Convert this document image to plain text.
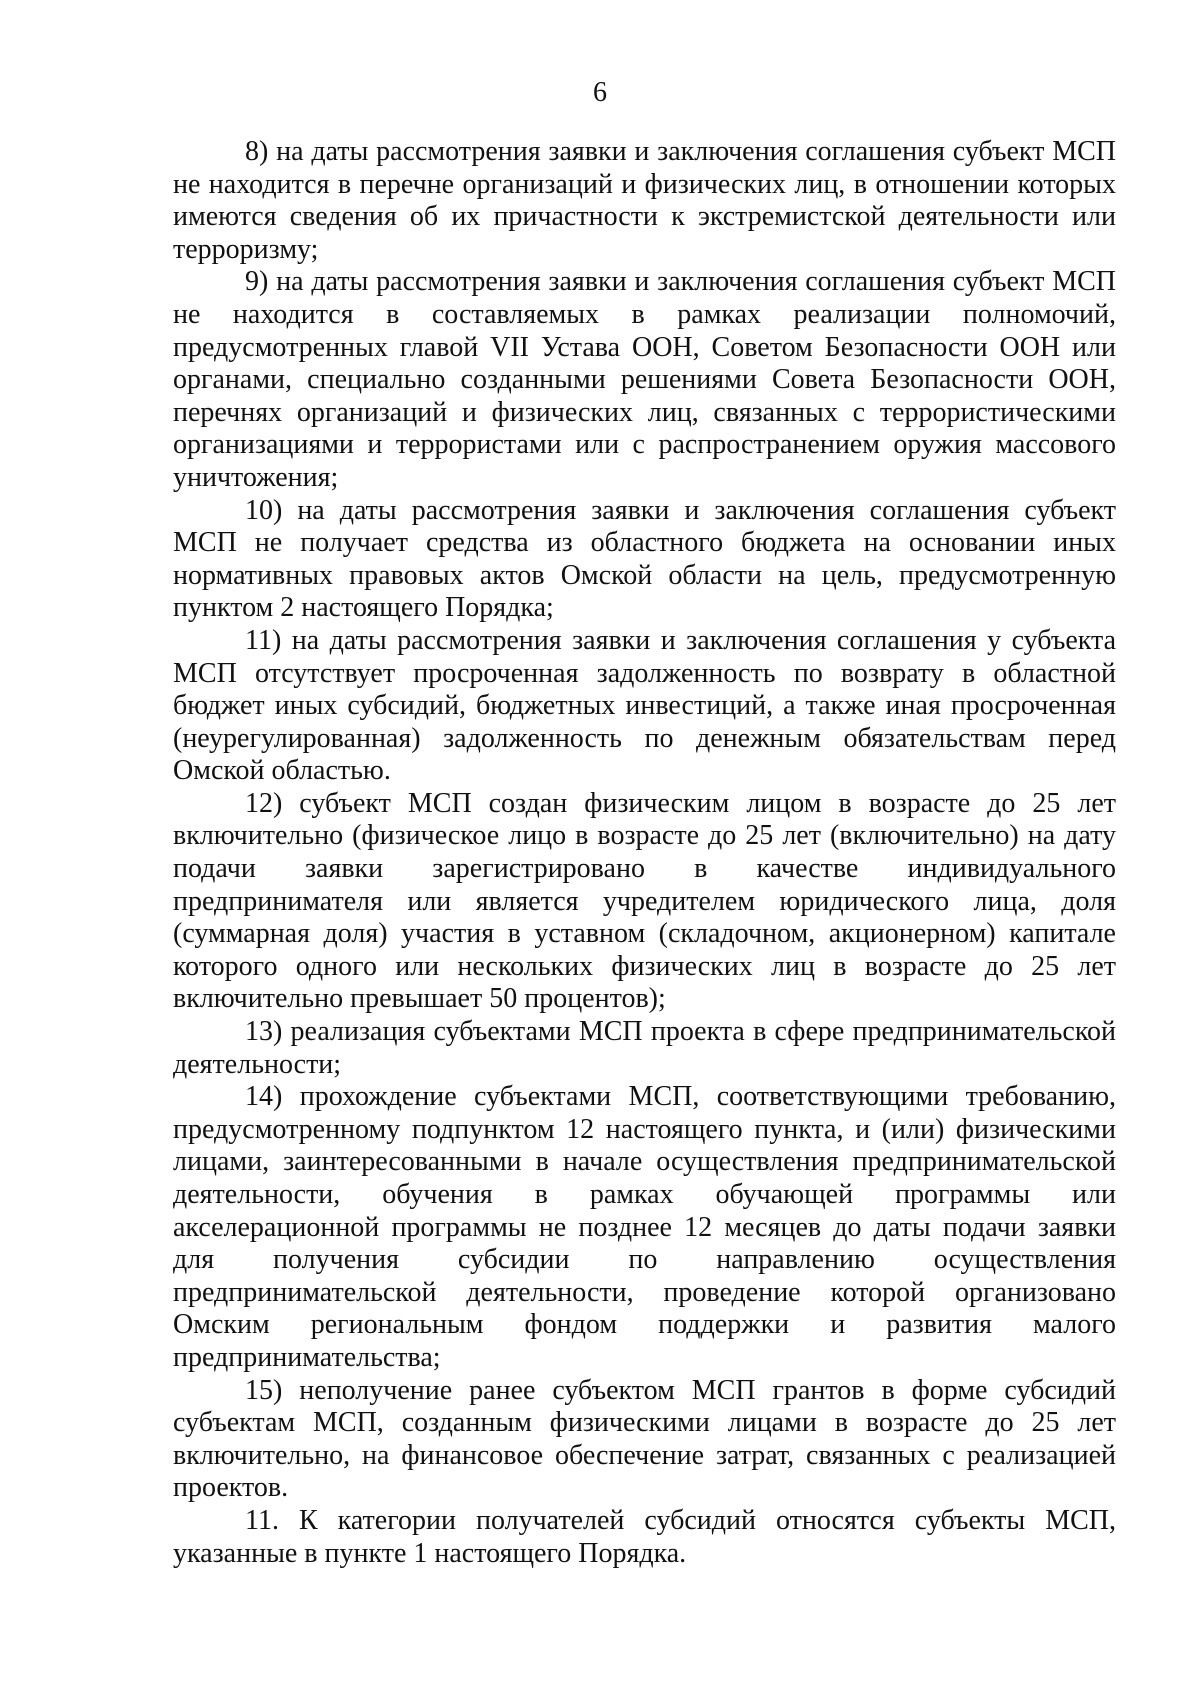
6

8) на даты рассмотрения заявки и заключения соглашения субъект МСП не находится в перечне организаций и физических лиц, в отношении которых имеются сведения об их причастности к экстремистской деятельности или терроризму;

9) на даты рассмотрения заявки и заключения соглашения субъект МСП не находится в составляемых в рамках реализации полномочий, предусмотренных главой VII Устава ООН, Советом Безопасности ООН или органами, специально созданными решениями Совета Безопасности ООН, перечнях организаций и физических лиц, связанных с террористическими организациями и террористами или с распространением оружия массового уничтожения;

10) на даты рассмотрения заявки и заключения соглашения субъект МСП не получает средства из областного бюджета на основании иных нормативных правовых актов Омской области на цель, предусмотренную пунктом 2 настоящего Порядка;

11) на даты рассмотрения заявки и заключения соглашения у субъекта МСП отсутствует просроченная задолженность по возврату в областной бюджет иных субсидий, бюджетных инвестиций, а также иная просроченная (неурегулированная) задолженность по денежным обязательствам перед Омской областью.

12) субъект МСП создан физическим лицом в возрасте до 25 лет включительно (физическое лицо в возрасте до 25 лет (включительно) на дату подачи заявки зарегистрировано в качестве индивидуального предпринимателя или является учредителем юридического лица, доля (суммарная доля) участия в уставном (складочном, акционерном) капитале которого одного или нескольких физических лиц в возрасте до 25 лет включительно превышает 50 процентов);

13) реализация субъектами МСП проекта в сфере предпринимательской деятельности;

14) прохождение субъектами МСП, соответствующими требованию, предусмотренному подпунктом 12 настоящего пункта, и (или) физическими лицами, заинтересованными в начале осуществления предпринимательской деятельности, обучения в рамках обучающей программы или акселерационной программы не позднее 12 месяцев до даты подачи заявки для получения субсидии по направлению осуществления предпринимательской деятельности, проведение которой организовано Омским региональным фондом поддержки и развития малого предпринимательства;

15) неполучение ранее субъектом МСП грантов в форме субсидий субъектам МСП, созданным физическими лицами в возрасте до 25 лет включительно, на финансовое обеспечение затрат, связанных с реализацией проектов.

11. К категории получателей субсидий относятся субъекты МСП, указанные в пункте 1 настоящего Порядка.
